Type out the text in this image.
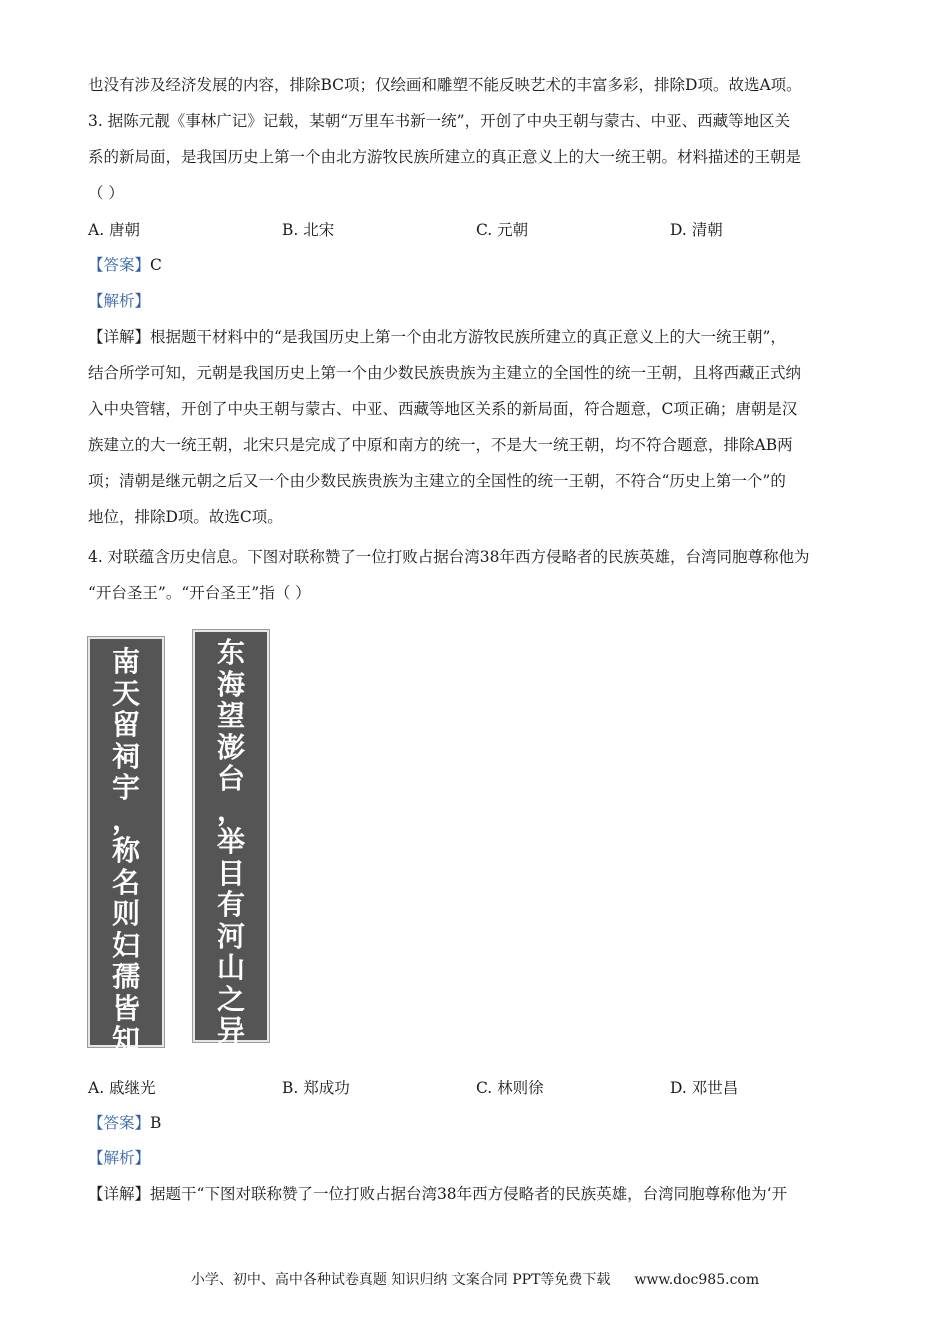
也没有涉及经济发展的内容，排除BC项；仅绘画和雕塑不能反映艺术的丰富多彩，排除D项。故选A项。
3. 据陈元靓《事林广记》记载，某朝“万里车书新一统”，开创了中央王朝与蒙古、中亚、西藏等地区关
系的新局面，是我国历史上第一个由北方游牧民族所建立的真正意义上的大一统王朝。材料描述的王朝是
（ ）
A. 唐朝	B. 北宋	C. 元朝	D. 清朝
【答案】C
【解析】
【详解】根据题干材料中的“是我国历史上第一个由北方游牧民族所建立的真正意义上的大一统王朝”，
结合所学可知，元朝是我国历史上第一个由少数民族贵族为主建立的全国性的统一王朝，且将西藏正式纳
入中央管辖，开创了中央王朝与蒙古、中亚、西藏等地区关系的新局面，符合题意，C项正确；唐朝是汉
族建立的大一统王朝，北宋只是完成了中原和南方的统一，不是大一统王朝，均不符合题意，排除AB两
项；清朝是继元朝之后又一个由少数民族贵族为主建立的全国性的统一王朝，不符合“历史上第一个”的
地位，排除D项。故选C项。
4. 对联蕴含历史信息。下图对联称赞了一位打败占据台湾38年西方侵略者的民族英雄，台湾同胞尊称他为
“开台圣王”。“开台圣王”指（ ）
南
天
留
祠
宇
，
称
名
则
妇
孺
皆
知
东
海
望
澎
台
，
举
目
有
河
山
之
异
A. 戚继光	B. 郑成功	C. 林则徐	D. 邓世昌
【答案】B
【解析】
【详解】据题干“下图对联称赞了一位打败占据台湾38年西方侵略者的民族英雄，台湾同胞尊称他为‘开
小学、初中、高中各种试卷真题 知识归纳 文案合同 PPT等免费下载 www.doc985.com
